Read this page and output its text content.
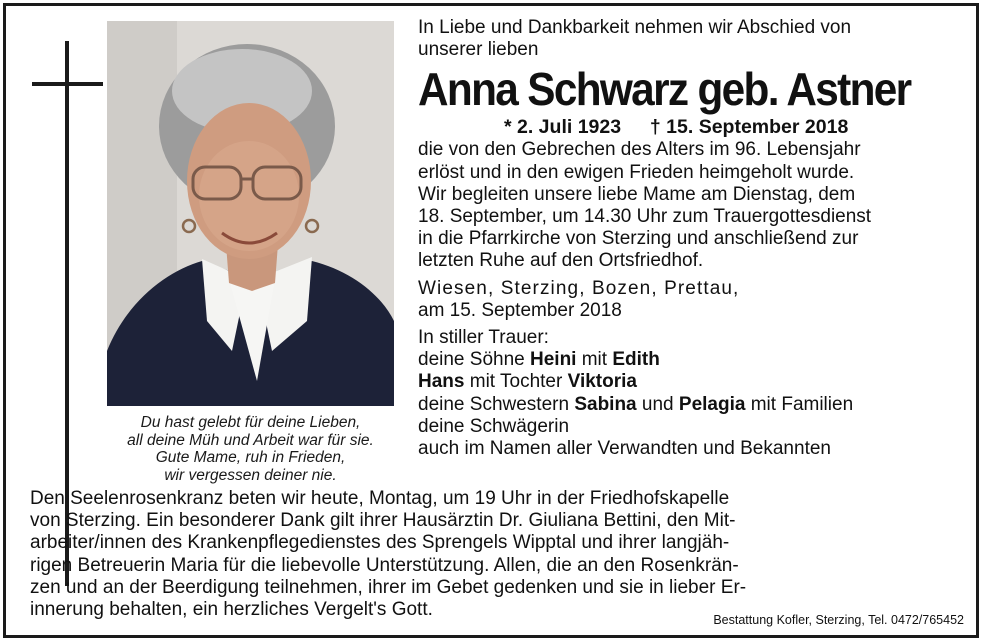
Du hast gelebt für deine Lieben,
all deine Müh und Arbeit war für sie.
Gute Mame, ruh in Frieden,
wir vergessen deiner nie.
In Liebe und Dankbarkeit nehmen wir Abschied von
unserer lieben
Anna Schwarz geb. Astner
* 2. Juli 1923 † 15. September 2018
die von den Gebrechen des Alters im 96. Lebensjahr
erlöst und in den ewigen Frieden heimgeholt wurde.
Wir begleiten unsere liebe Mame am Dienstag, dem
18. September, um 14.30 Uhr zum Trauergottesdienst
in die Pfarrkirche von Sterzing und anschließend zur
letzten Ruhe auf den Ortsfriedhof.
Wiesen, Sterzing, Bozen, Prettau,
am 15. September 2018
In stiller Trauer:
deine Söhne Heini mit Edith
Hans mit Tochter Viktoria
deine Schwestern Sabina und Pelagia mit Familien
deine Schwägerin
auch im Namen aller Verwandten und Bekannten
Den Seelenrosenkranz beten wir heute, Montag, um 19 Uhr in der Friedhofskapelle
von Sterzing. Ein besonderer Dank gilt ihrer Hausärztin Dr. Giuliana Bettini, den Mit-
arbeiter/innen des Krankenpflegedienstes des Sprengels Wipptal und ihrer langjäh-
rigen Betreuerin Maria für die liebevolle Unterstützung. Allen, die an den Rosenkrän-
zen und an der Beerdigung teilnehmen, ihrer im Gebet gedenken und sie in lieber Er-
innerung behalten, ein herzliches Vergelt's Gott.	Bestattung Kofler, Sterzing, Tel. 0472/765452
